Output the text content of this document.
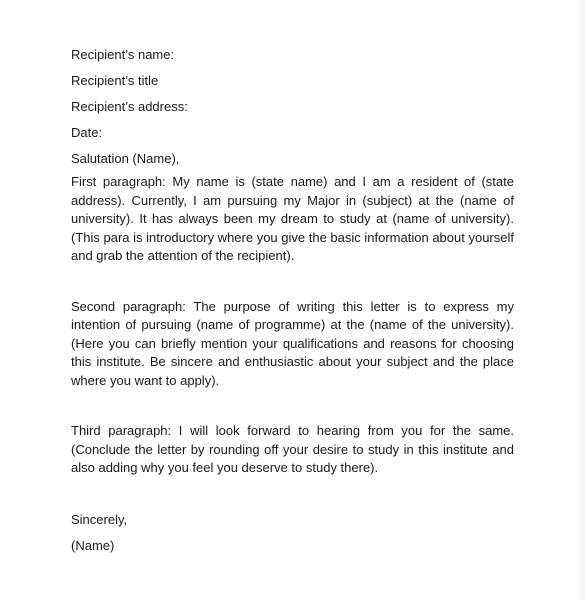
Recipient’s name:

Recipient’s title

Recipient’s address:

Date:

Salutation (Name),

First paragraph: My name is (state name) and I am a resident of (state address). Currently, I am pursuing my Major in (subject) at the (name of university). It has always been my dream to study at (name of university). (This para is introductory where you give the basic information about yourself and grab the attention of the recipient).

Second paragraph: The purpose of writing this letter is to express my intention of pursuing (name of programme) at the (name of the university). (Here you can briefly mention your qualifications and reasons for choosing this institute. Be sincere and enthusiastic about your subject and the place where you want to apply).

Third paragraph: I will look forward to hearing from you for the same. (Conclude the letter by rounding off your desire to study in this institute and also adding why you feel you deserve to study there).

Sincerely,

(Name)
